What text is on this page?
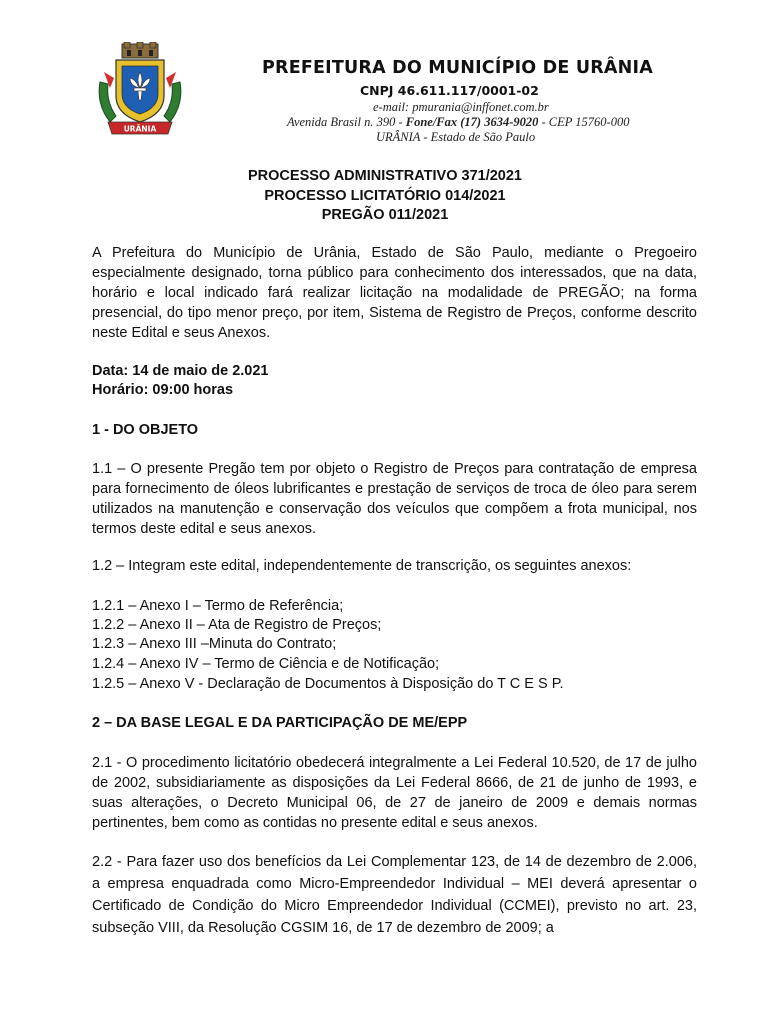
URÂNIA
PREFEITURA DO MUNICÍPIO DE URÂNIA
CNPJ 46.611.117/0001-02
e-mail: pmurania@inffonet.com.br
Avenida Brasil n. 390 - Fone/Fax (17) 3634-9020 - CEP 15760-000
URÂNIA - Estado de São Paulo
PROCESSO ADMINISTRATIVO 371/2021
PROCESSO LICITATÓRIO 014/2021
PREGÃO 011/2021
A Prefeitura do Município de Urânia, Estado de São Paulo, mediante o Pregoeiro especialmente designado, torna público para conhecimento dos interessados, que na data, horário e local indicado fará realizar licitação na modalidade de PREGÃO; na forma presencial, do tipo menor preço, por item, Sistema de Registro de Preços, conforme descrito neste Edital e seus Anexos.
Data: 14 de maio de 2.021
Horário: 09:00 horas
1 - DO OBJETO
1.1 – O presente Pregão tem por objeto o Registro de Preços para contratação de empresa para fornecimento de óleos lubrificantes e prestação de serviços de troca de óleo para serem utilizados na manutenção e conservação dos veículos que compõem a frota municipal, nos termos deste edital e seus anexos.
1.2 – Integram este edital, independentemente de transcrição, os seguintes anexos:
1.2.1 – Anexo I – Termo de Referência;
1.2.2 – Anexo II – Ata de Registro de Preços;
1.2.3 – Anexo III –Minuta do Contrato;
1.2.4 – Anexo IV – Termo de Ciência e de Notificação;
1.2.5 – Anexo V - Declaração de Documentos à Disposição do T C E S P.
2 – DA BASE LEGAL E DA PARTICIPAÇÃO DE ME/EPP
2.1 - O procedimento licitatório obedecerá integralmente a Lei Federal 10.520, de 17 de julho de 2002, subsidiariamente as disposições da Lei Federal 8666, de 21 de junho de 1993, e suas alterações, o Decreto Municipal 06, de 27 de janeiro de 2009 e demais normas pertinentes, bem como as contidas no presente edital e seus anexos.
2.2 - Para fazer uso dos benefícios da Lei Complementar 123, de 14 de dezembro de 2.006, a empresa enquadrada como Micro-Empreendedor Individual – MEI deverá apresentar o Certificado de Condição do Micro Empreendedor Individual (CCMEI), previsto no art. 23, subseção VIII, da Resolução CGSIM 16, de 17 de dezembro de 2009; a
